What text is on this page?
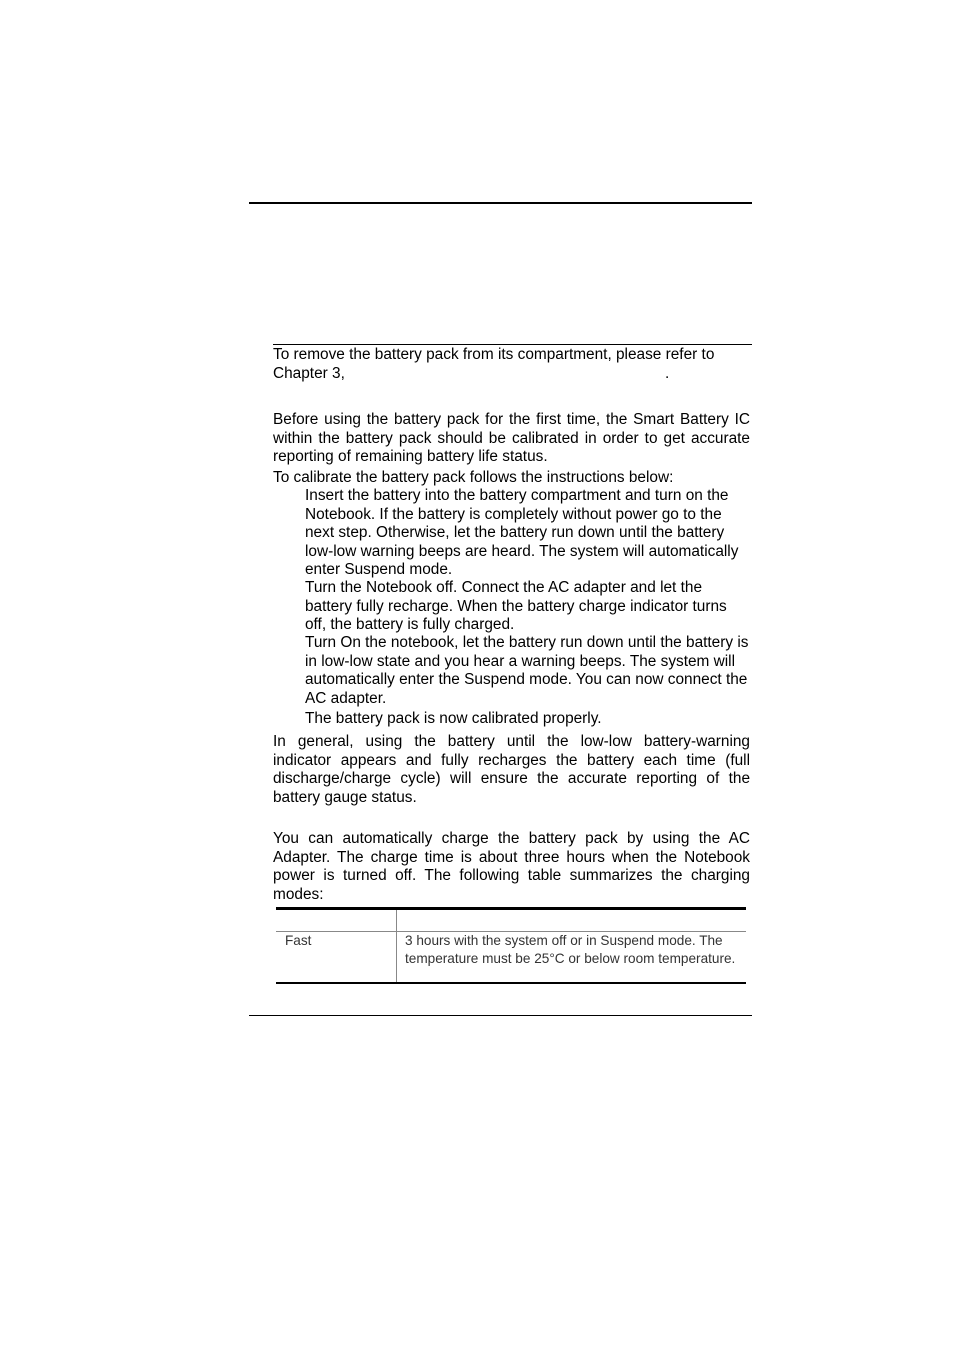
To remove the battery pack from its compartment, please refer to

Chapter 3,	.

Before using the battery pack for the first time, the Smart Battery IC within the battery pack should be calibrated in order to get accurate reporting of remaining battery life status.

To calibrate the battery pack follows the instructions below:

Insert the battery into the battery compartment and turn on the Notebook. If the battery is completely without power go to the next step. Otherwise, let the battery run down until the battery low-low warning beeps are heard. The system will automatically enter Suspend mode.

Turn the Notebook off. Connect the AC adapter and let the battery fully recharge. When the battery charge indicator turns off, the battery is fully charged.

Turn On the notebook, let the battery run down until the battery is in low-low state and you hear a warning beeps. The system will automatically enter the Suspend mode. You can now connect the AC adapter.

The battery pack is now calibrated properly.

In general, using the battery until the low-low battery-warning indicator appears and fully recharges the battery each time (full discharge/charge cycle) will ensure the accurate reporting of the battery gauge status.

You can automatically charge the battery pack by using the AC Adapter. The charge time is about three hours when the Notebook power is turned off. The following table summarizes the charging modes:

Fast	3 hours with the system off or in Suspend mode. The temperature must be 25°C or below room temperature.
